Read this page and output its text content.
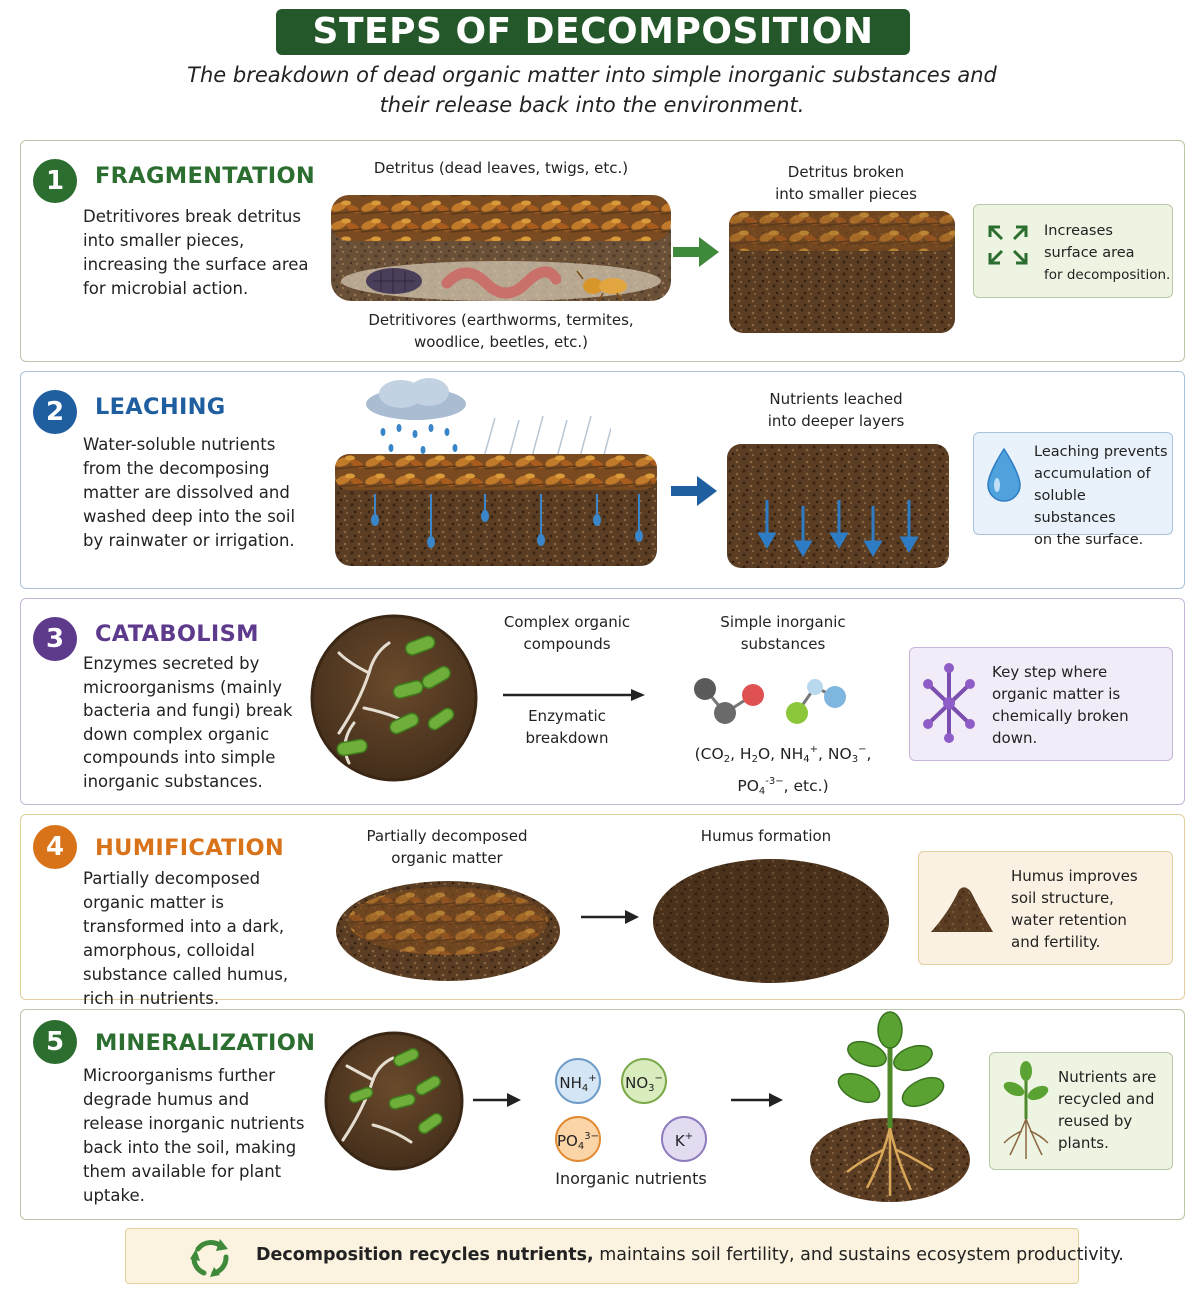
STEPS OF DECOMPOSITION
The breakdown of dead organic matter into simple inorganic substances and
their release back into the environment.
1	FRAGMENTATION
Detritivores break detritus into smaller pieces, increasing the surface area for microbial action.
Detritus (dead leaves, twigs, etc.)
Detritivores (earthworms, termites,
woodlice, beetles, etc.)
Detritus broken
into smaller pieces
Increases
surface area
for decomposition.
2	LEACHING
Water-soluble nutrients from the decomposing matter are dissolved and washed deep into the soil by rainwater or irrigation.
Nutrients leached
into deeper layers
Leaching prevents
accumulation of
soluble substances
on the surface.
3	CATABOLISM
Enzymes secreted by microorganisms (mainly bacteria and fungi) break down complex organic compounds into simple inorganic substances.
Complex organic
compounds
Enzymatic
breakdown
Simple inorganic
substances
($CO_2$, $H_2O$, $NH_4^+$, $NO_3^-$,
$PO_4^{-3-}$, etc.)
Key step where
organic matter is
chemically broken
down.
4	HUMIFICATION
Partially decomposed organic matter is transformed into a dark, amorphous, colloidal substance called humus, rich in nutrients.
Partially decomposed
organic matter
Humus formation
Humus improves
soil structure,
water retention
and fertility.
5	MINERALIZATION
Microorganisms further degrade humus and release inorganic nutrients back into the soil, making them available for plant uptake.
$NH_4^+$	$NO_3^-$
$PO_4^{3-}$	K+
Inorganic nutrients
Nutrients are
recycled and
reused by
plants.
Decomposition recycles nutrients, maintains soil fertility, and sustains ecosystem productivity.
